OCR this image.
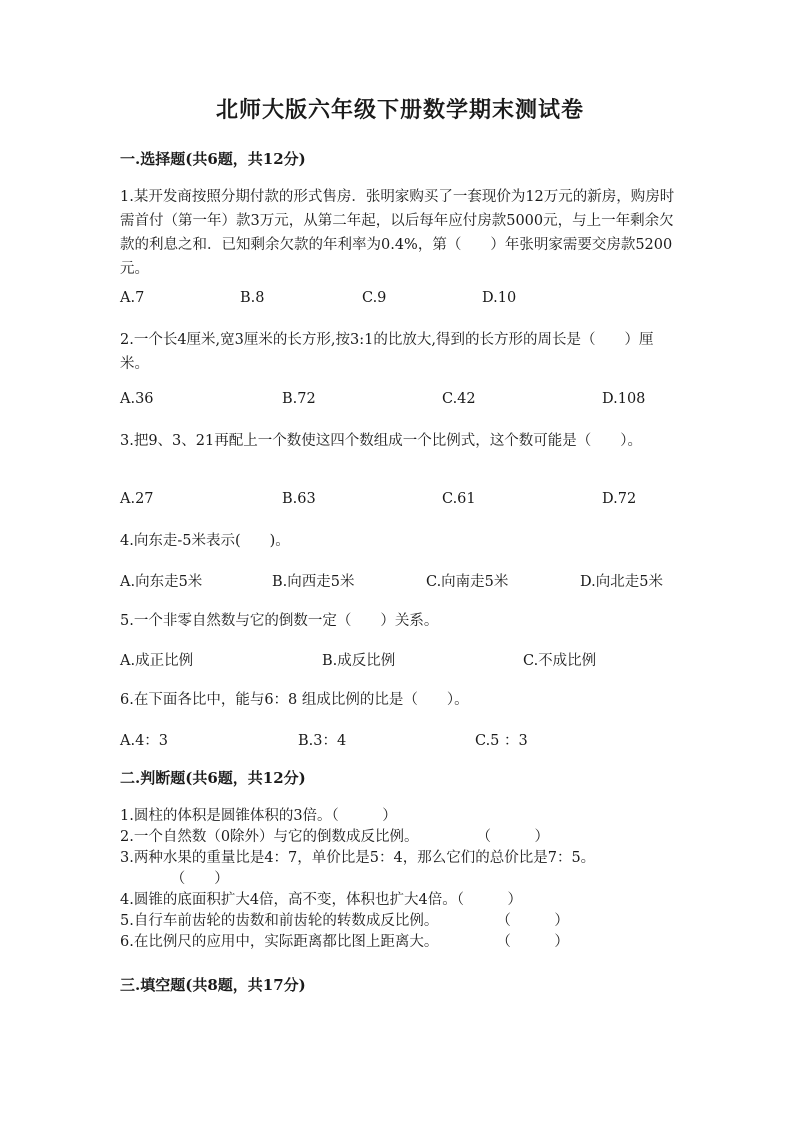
北师大版六年级下册数学期末测试卷
一.选择题(共6题，共12分)
1.某开发商按照分期付款的形式售房．张明家购买了一套现价为12万元的新房，购房时需首付（第一年）款3万元，从第二年起，以后每年应付房款5000元，与上一年剩余欠款的利息之和．已知剩余欠款的年利率为0.4%，第（　　）年张明家需要交房款5200元。
A.7	B.8	C.9	D.10
2.一个长4厘米,宽3厘米的长方形,按3:1的比放大,得到的长方形的周长是（　　）厘米。
A.36	B.72	C.42	D.108
3.把9、3、21再配上一个数使这四个数组成一个比例式，这个数可能是（　　）。
A.27	B.63	C.61	D.72
4.向东走-5米表示(　　)。
A.向东走5米	B.向西走5米	C.向南走5米	D.向北走5米
5.一个非零自然数与它的倒数一定（　　）关系。
A.成正比例	B.成反比例	C.不成比例
6.在下面各比中，能与6：8 组成比例的比是（　　）。
A.4：3	B.3：4	C.5 ：3
二.判断题(共6题，共12分)
1.圆柱的体积是圆锥体积的3倍。（　　　）
2.一个自然数（0除外）与它的倒数成反比例。　　　　　（　　　）
3.两种水果的重量比是4：7，单价比是5：4，那么它们的总价比是7：5。
　　　　（　　）
4.圆锥的底面积扩大4倍，高不变，体积也扩大4倍。（　　　）
5.自行车前齿轮的齿数和前齿轮的转数成反比例。　　　　　（　　　）
6.在比例尺的应用中，实际距离都比图上距离大。　　　　　（　　　）
三.填空题(共8题，共17分)
